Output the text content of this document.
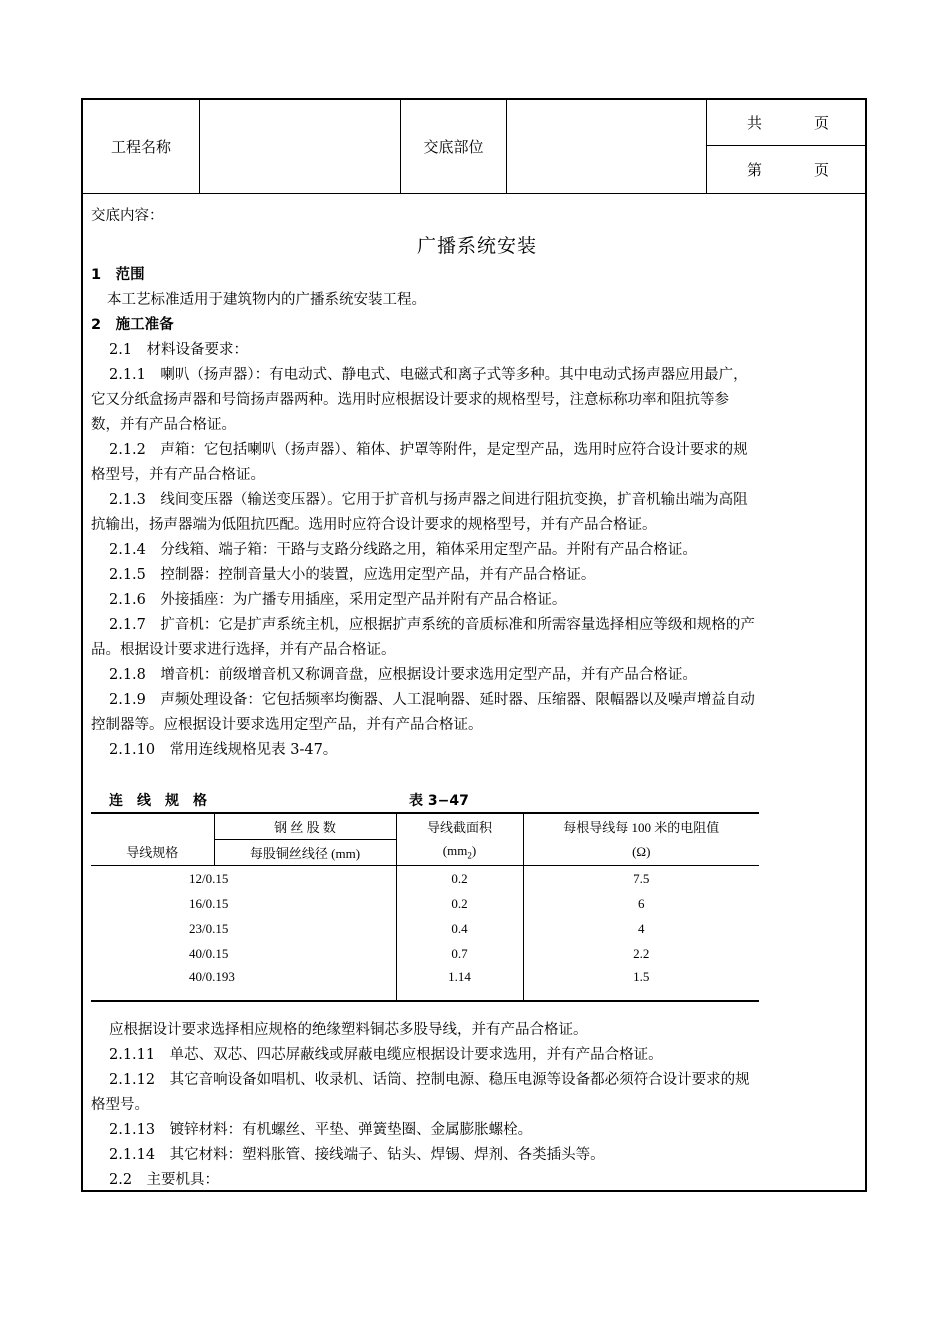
工程名称	交底部位
共	页
第	页
交底内容：
广播系统安装
1　范围
本工艺标准适用于建筑物内的广播系统安装工程。
2　施工准备
2.1　材料设备要求：
2.1.1　喇叭（扬声器）：有电动式、静电式、电磁式和离子式等多种。其中电动式扬声器应用最广，
它又分纸盒扬声器和号筒扬声器两种。选用时应根据设计要求的规格型号，注意标称功率和阻抗等参
数，并有产品合格证。
2.1.2　声箱：它包括喇叭（扬声器）、箱体、护罩等附件，是定型产品，选用时应符合设计要求的规
格型号，并有产品合格证。
2.1.3　线间变压器（输送变压器）。它用于扩音机与扬声器之间进行阻抗变换，扩音机输出端为高阻
抗输出，扬声器端为低阻抗匹配。选用时应符合设计要求的规格型号，并有产品合格证。
2.1.4　分线箱、端子箱：干路与支路分线路之用，箱体采用定型产品。并附有产品合格证。
2.1.5　控制器：控制音量大小的装置，应选用定型产品，并有产品合格证。
2.1.6　外接插座：为广播专用插座，采用定型产品并附有产品合格证。
2.1.7　扩音机：它是扩声系统主机，应根据扩声系统的音质标准和所需容量选择相应等级和规格的产
品。根据设计要求进行选择，并有产品合格证。
2.1.8　增音机：前级增音机又称调音盘，应根据设计要求选用定型产品，并有产品合格证。
2.1.9　声频处理设备：它包括频率均衡器、人工混响器、延时器、压缩器、限幅器以及噪声增益自动
控制器等。应根据设计要求选用定型产品，并有产品合格证。
2.1.10　常用连线规格见表 3-47。
连　线　规　格	表 3−47
导线规格	钢 丝 股 数	导线截面积	每根导线每 100 米的电阻值
	每股铜丝线径 (mm)	$(mm_2)$	(Ω)
12/0.15		0.2	7.5
16/0.15		0.2	6
23/0.15		0.4	4
40/0.15		0.7	2.2
40/0.193		1.14	1.5
应根据设计要求选择相应规格的绝缘塑料铜芯多股导线，并有产品合格证。
2.1.11　单芯、双芯、四芯屏蔽线或屏蔽电缆应根据设计要求选用，并有产品合格证。
2.1.12　其它音响设备如唱机、收录机、话筒、控制电源、稳压电源等设备都必须符合设计要求的规
格型号。
2.1.13　镀锌材料：有机螺丝、平垫、弹簧垫圈、金属膨胀螺栓。
2.1.14　其它材料：塑料胀管、接线端子、钻头、焊锡、焊剂、各类插头等。
2.2　主要机具：
